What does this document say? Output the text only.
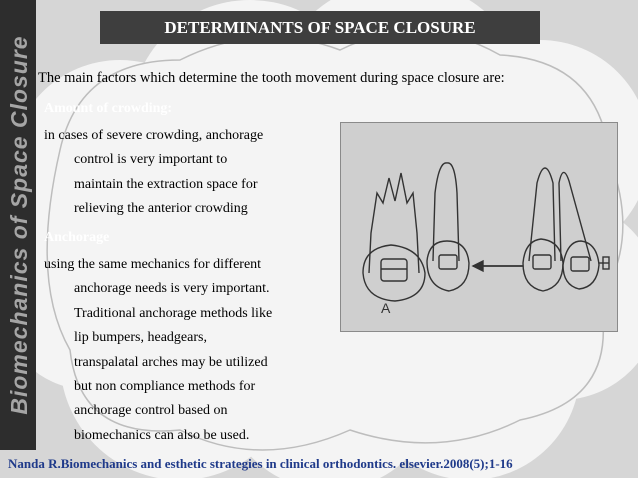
Biomechanics of Space Closure
DETERMINANTS OF SPACE CLOSURE
The main factors which determine the tooth movement during space closure are:
Amount of crowding:
in cases of severe crowding, anchorage
control is very important to
maintain the extraction space for
relieving the anterior crowding
Anchorage
using the same mechanics for different
anchorage needs is very important.
Traditional anchorage methods like
lip bumpers, headgears,
transpalatal arches may be utilized
but non compliance methods for
anchorage control based on
biomechanics can also be used.
A
Nanda R.Biomechanics and esthetic strategies in clinical orthodontics. elsevier.2008(5);1-16
